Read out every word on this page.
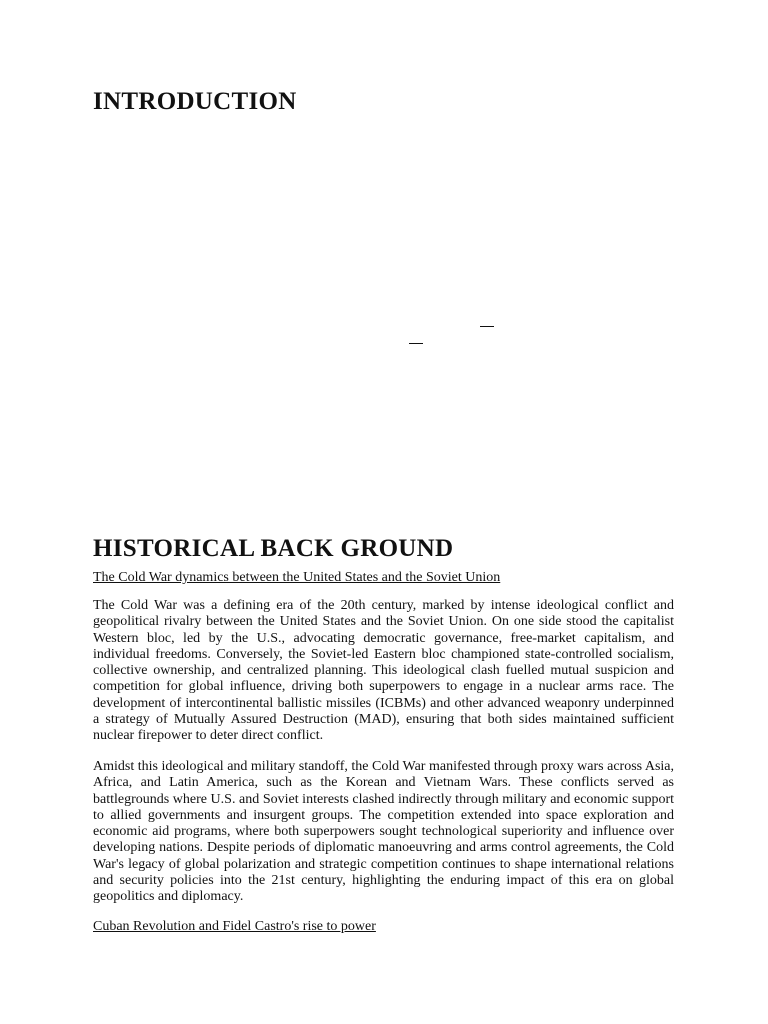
INTRODUCTION
HISTORICAL BACK GROUND

The Cold War dynamics between the United States and the Soviet Union

The Cold War was a defining era of the 20th century, marked by intense ideological conflict and geopolitical rivalry between the United States and the Soviet Union. On one side stood the capitalist Western bloc, led by the U.S., advocating democratic governance, free-market capitalism, and individual freedoms. Conversely, the Soviet-led Eastern bloc championed state-controlled socialism, collective ownership, and centralized planning. This ideological clash fuelled mutual suspicion and competition for global influence, driving both superpowers to engage in a nuclear arms race. The development of intercontinental ballistic missiles (ICBMs) and other advanced weaponry underpinned a strategy of Mutually Assured Destruction (MAD), ensuring that both sides maintained sufficient nuclear firepower to deter direct conflict.

Amidst this ideological and military standoff, the Cold War manifested through proxy wars across Asia, Africa, and Latin America, such as the Korean and Vietnam Wars. These conflicts served as battlegrounds where U.S. and Soviet interests clashed indirectly through military and economic support to allied governments and insurgent groups. The competition extended into space exploration and economic aid programs, where both superpowers sought technological superiority and influence over developing nations. Despite periods of diplomatic manoeuvring and arms control agreements, the Cold War's legacy of global polarization and strategic competition continues to shape international relations and security policies into the 21st century, highlighting the enduring impact of this era on global geopolitics and diplomacy.

Cuban Revolution and Fidel Castro's rise to power
